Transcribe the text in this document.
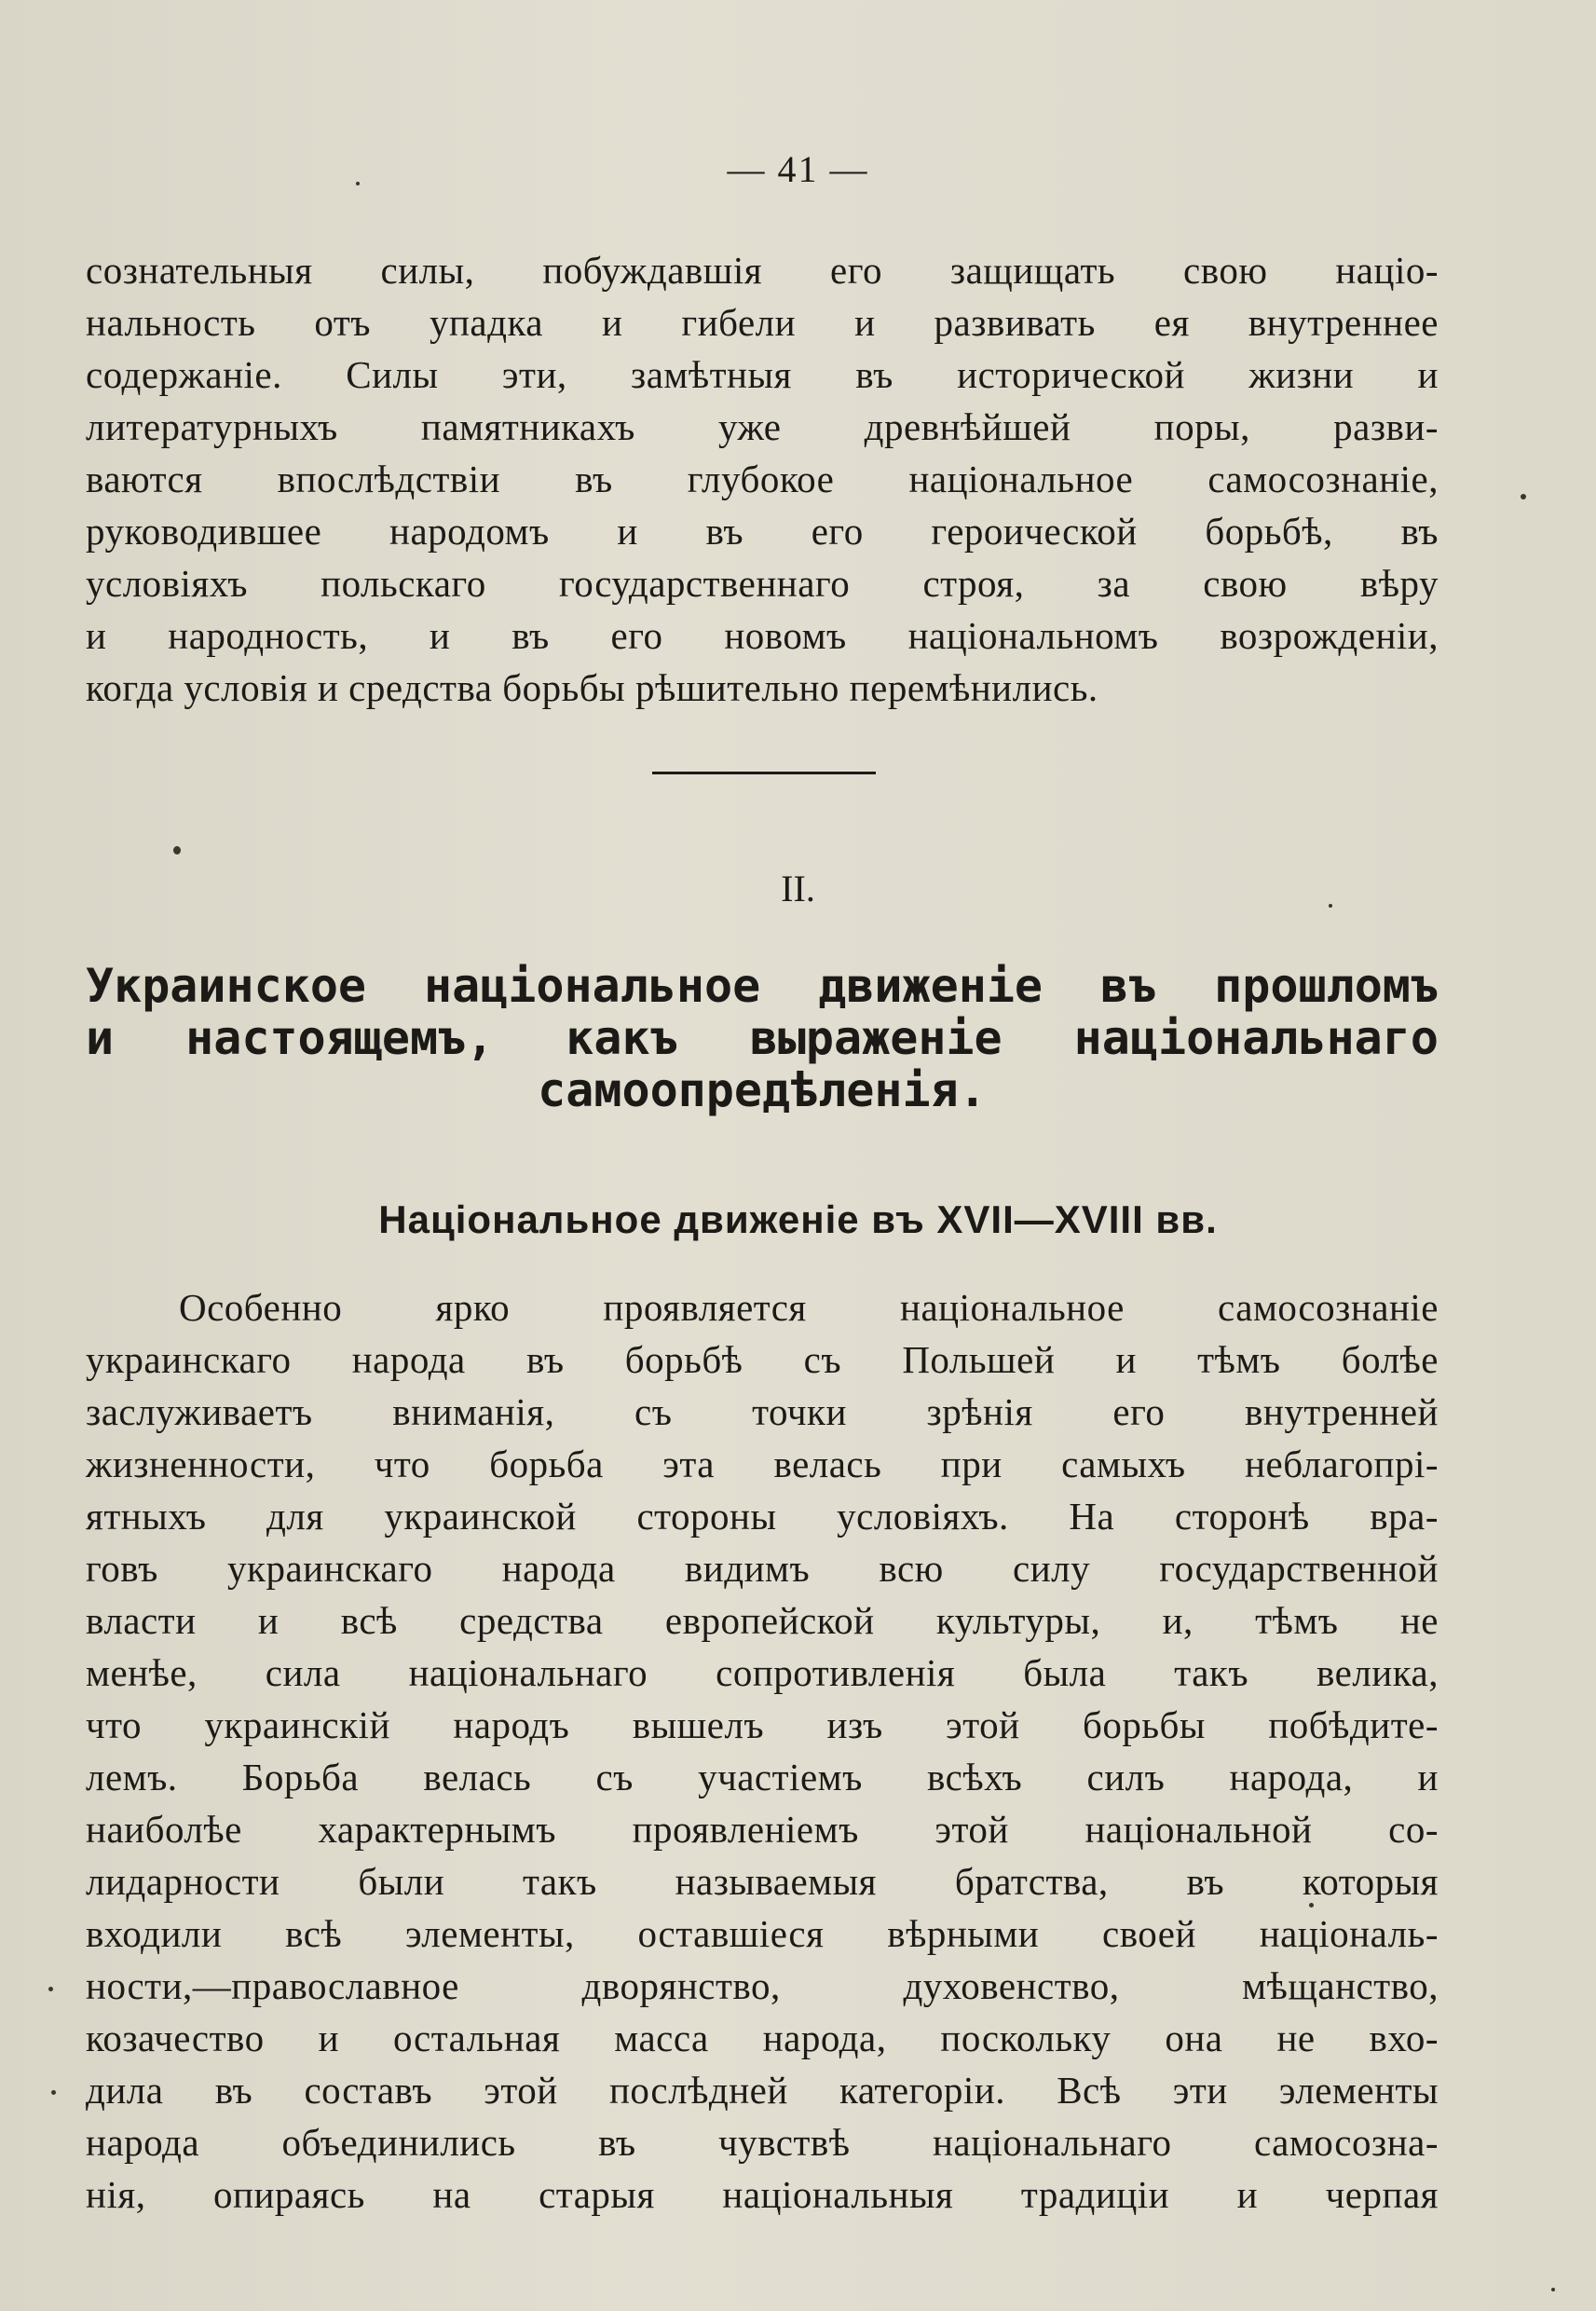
— 41 —
сознательныя силы, побуждавшія его защищать свою націо-
нальность отъ упадка и гибели и развивать ея внутреннее
содержаніе. Силы эти, замѣтныя въ исторической жизни и
литературныхъ памятникахъ уже древнѣйшей поры, разви-
ваются впослѣдствіи въ глубокое національное самосознаніе,
руководившее народомъ и въ его героической борьбѣ, въ
условіяхъ польскаго государственнаго строя, за свою вѣру
и народность, и въ его новомъ національномъ возрожденіи,
когда условія и средства борьбы рѣшительно перемѣнились.
II.
Украинское національное движеніе въ прошломъ
и настоящемъ, какъ выраженіе національнаго
самоопредѣленія.
Національное движеніе въ XVII—XVIII вв.
Особенно ярко проявляется національное самосознаніе
украинскаго народа въ борьбѣ съ Польшей и тѣмъ болѣе
заслуживаетъ вниманія, съ точки зрѣнія его внутренней
жизненности, что борьба эта велась при самыхъ неблагопрі-
ятныхъ для украинской стороны условіяхъ. На сторонѣ вра-
говъ украинскаго народа видимъ всю силу государственной
власти и всѣ средства европейской культуры, и, тѣмъ не
менѣе, сила національнаго сопротивленія была такъ велика,
что украинскій народъ вышелъ изъ этой борьбы побѣдите-
лемъ. Борьба велась съ участіемъ всѣхъ силъ народа, и
наиболѣе характернымъ проявленіемъ этой національной со-
лидарности были такъ называемыя братства, въ которыя
входили всѣ элементы, оставшіеся вѣрными своей національ-
ности,—православное дворянство, духовенство, мѣщанство,
козачество и остальная масса народа, поскольку она не вхо-
дила въ составъ этой послѣдней категоріи. Всѣ эти элементы
народа объединились въ чувствѣ національнаго самосозна-
нія, опираясь на старыя національныя традиціи и черпая
